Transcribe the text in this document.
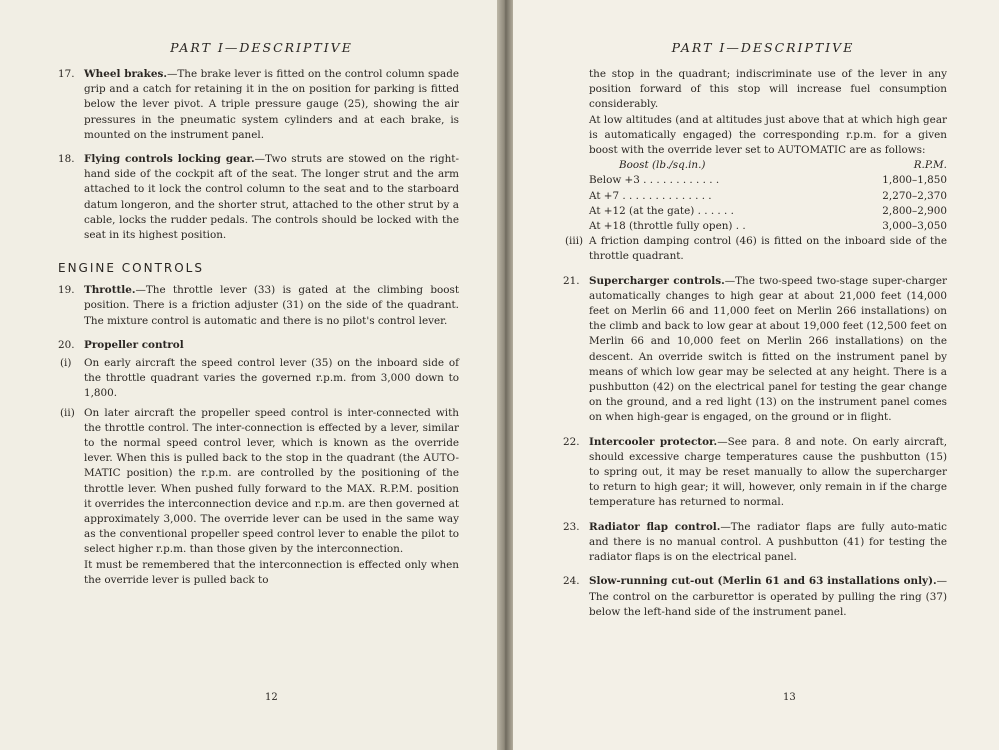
PART I—DESCRIPTIVE
17. Wheel brakes.—The brake lever is fitted on the control column spade grip and a catch for retaining it in the on position for parking is fitted below the lever pivot. A triple pressure gauge (25), showing the air pressures in the pneumatic system cylinders and at each brake, is mounted on the instrument panel.

18. Flying controls locking gear.—Two struts are stowed on the right-hand side of the cockpit aft of the seat. The longer strut and the arm attached to it lock the control column to the seat and to the starboard datum longeron, and the shorter strut, attached to the other strut by a cable, locks the rudder pedals. The controls should be locked with the seat in its highest position.

ENGINE CONTROLS
19. Throttle.—The throttle lever (33) is gated at the climbing boost position. There is a friction adjuster (31) on the side of the quadrant. The mixture control is automatic and there is no pilot's control lever.

20. Propeller control

(i)	On early aircraft the speed control lever (35) on the inboard side of the throttle quadrant varies the governed r.p.m. from 3,000 down to 1,800.
(ii) On later aircraft the propeller speed control is inter-connected with the throttle control. The inter-connection is effected by a lever, similar to the normal speed control lever, which is known as the override lever. When this is pulled back to the stop in the quadrant (the AUTO-MATIC position) the r.p.m. are controlled by the positioning of the throttle lever. When pushed fully forward to the MAX. R.P.M. position it overrides the interconnection device and r.p.m. are then governed at approximately 3,000. The override lever can be used in the same way as the conventional propeller speed control lever to enable the pilot to select higher r.p.m. than those given by the interconnection.
It must be remembered that the interconnection is effected only when the override lever is pulled back to
12
PART I—DESCRIPTIVE

the stop in the quadrant; indiscriminate use of the lever in any position forward of this stop will increase fuel consumption considerably.

At low altitudes (and at altitudes just above that at which high gear is automatically engaged) the corresponding r.p.m. for a given boost with the override lever set to AUTOMATIC are as follows:

Boost (lb./sq.in.)	R.P.M.
Below +3 . . . . . . . . . . . .	1,800–1,850
At +7 . . . . . . . . . . . . . .	2,270–2,370
At +12 (at the gate) . . . . . .	2,800–2,900
At +18 (throttle fully open) . .	3,000–3,050
(iii) A friction damping control (46) is fitted on the inboard side of the throttle quadrant.
21. Supercharger controls.—The two-speed two-stage super-charger automatically changes to high gear at about 21,000 feet (14,000 feet on Merlin 66 and 11,000 feet on Merlin 266 installations) on the climb and back to low gear at about 19,000 feet (12,500 feet on Merlin 66 and 10,000 feet on Merlin 266 installations) on the descent. An override switch is fitted on the instrument panel by means of which low gear may be selected at any height. There is a pushbutton (42) on the electrical panel for testing the gear change on the ground, and a red light (13) on the instrument panel comes on when high-gear is engaged, on the ground or in flight.

22. Intercooler protector.—See para. 8 and note. On early aircraft, should excessive charge temperatures cause the pushbutton (15) to spring out, it may be reset manually to allow the supercharger to return to high gear; it will, however, only remain in if the charge temperature has returned to normal.

23. Radiator flap control.—The radiator flaps are fully auto-matic and there is no manual control. A pushbutton (41) for testing the radiator flaps is on the electrical panel.

24. Slow-running cut-out (Merlin 61 and 63 installations only).—The control on the carburettor is operated by pulling the ring (37) below the left-hand side of the instrument panel.

13
